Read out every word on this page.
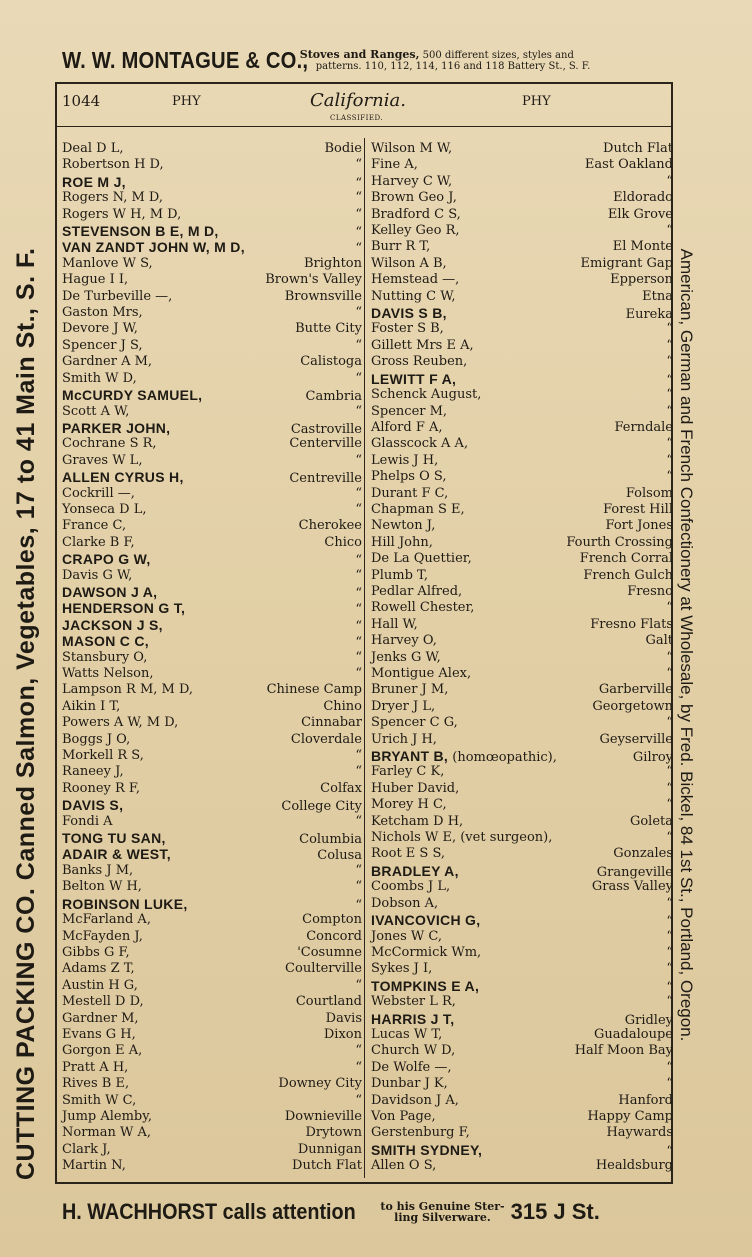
W. W. MONTAGUE & CO.,
Stoves and Ranges, 500 different sizes, styles and
patterns. 110, 112, 114, 116 and 118 Battery St., S. F.
1044	PHY	California.
CLASSIFIED.
PHY
Deal D L,	Bodie
Robertson H D,	“
ROE M J,	“
Rogers N, M D,	“
Rogers W H, M D,	“
STEVENSON B E, M D,	“
VAN ZANDT JOHN W, M D,	“
Manlove W S,	Brighton
Hague I I,	Brown's Valley
De Turbeville —,	Brownsville
Gaston Mrs,	“
Devore J W,	Butte City
Spencer J S,	“
Gardner A M,	Calistoga
Smith W D,	“
McCURDY SAMUEL,	Cambria
Scott A W,	“
PARKER JOHN,	Castroville
Cochrane S R,	Centerville
Graves W L,	“
ALLEN CYRUS H,	Centreville
Cockrill —,	“
Yonseca D L,	“
France C,	Cherokee
Clarke B F,	Chico
CRAPO G W,	“
Davis G W,	“
DAWSON J A,	“
HENDERSON G T,	“
JACKSON J S,	“
MASON C C,	“
Stansbury O,	“
Watts Nelson,	“
Lampson R M, M D,	Chinese Camp
Aikin I T,	Chino
Powers A W, M D,	Cinnabar
Boggs J O,	Cloverdale
Morkell R S,	“
Raneey J,	“
Rooney R F,	Colfax
DAVIS S,	College City
Fondi A	“
TONG TU SAN,	Columbia
ADAIR & WEST,	Colusa
Banks J M,	“
Belton W H,	“
ROBINSON LUKE,	“
McFarland A,	Compton
McFayden J,	Concord
Gibbs G F,	'Cosumne
Adams Z T,	Coulterville
Austin H G,	“
Mestell D D,	Courtland
Gardner M,	Davis
Evans G H,	Dixon
Gorgon E A,	“
Pratt A H,	“
Rives B E,	Downey City
Smith W C,	“
Jump Alemby,	Downieville
Norman W A,	Drytown
Clark J,	Dunnigan
Martin N,	Dutch Flat
Wilson M W,	Dutch Flat
Fine A,	East Oakland
Harvey C W,	“
Brown Geo J,	Eldorado
Bradford C S,	Elk Grove
Kelley Geo R,	“
Burr R T,	El Monte
Wilson A B,	Emigrant Gap
Hemstead —,	Epperson
Nutting C W,	Etna
DAVIS S B,	Eureka
Foster S B,	“
Gillett Mrs E A,	“
Gross Reuben,	“
LEWITT F A,	“
Schenck August,	“
Spencer M,	“
Alford F A,	Ferndale
Glasscock A A,	“
Lewis J H,	“
Phelps O S,	“
Durant F C,	Folsom
Chapman S E,	Forest Hill
Newton J,	Fort Jones
Hill John,	Fourth Crossing
De La Quettier,	French Corral
Plumb T,	French Gulch
Pedlar Alfred,	Fresno
Rowell Chester,	“
Hall W,	Fresno Flats
Harvey O,	Galt
Jenks G W,	“
Montigue Alex,	“
Bruner J M,	Garberville
Dryer J L,	Georgetown
Spencer C G,	“
Urich J H,	Geyserville
BRYANT B, (homœopathic),	Gilroy
Farley C K,	“
Huber David,	“
Morey H C,	“
Ketcham D H,	Goleta
Nichols W E, (vet surgeon),	“
Root E S S,	Gonzales
BRADLEY A,	Grangeville
Coombs J L,	Grass Valley
Dobson A,	“
IVANCOVICH G,	“
Jones W C,	“
McCormick Wm,	“
Sykes J I,	“
TOMPKINS E A,	“
Webster L R,	“
HARRIS J T,	Gridley
Lucas W T,	Guadaloupe
Church W D,	Half Moon Bay
De Wolfe —,	“
Dunbar J K,	“
Davidson J A,	Hanford
Von Page,	Happy Camp
Gerstenburg F,	Haywards
SMITH SYDNEY,	“
Allen O S,	Healdsburg
CUTTING PACKING CO. Canned Salmon, Vegetables, 17 to 41 Main St., S. F.	American, German and French Confectionery at Wholesale, by Fred. Bickel, 84 1st St., Portland, Oregon.
H. WACHHORST calls attention to his Genuine Ster-
ling Silverware. 315 J St.
